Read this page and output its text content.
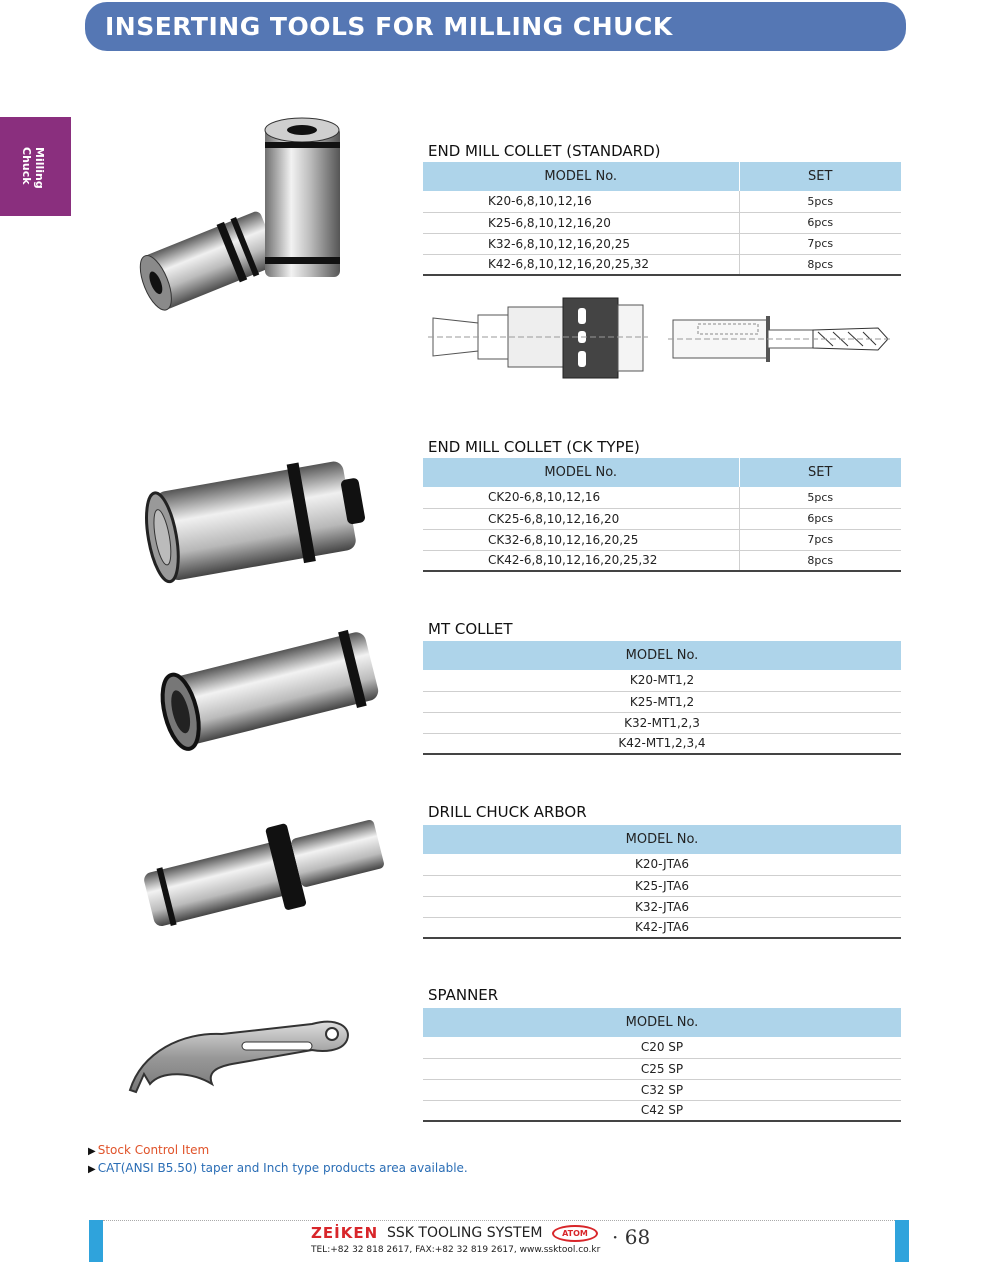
INSERTING TOOLS FOR MILLING CHUCK
Milling
Chuck	END MILL COLLET (STANDARD)
MODEL No.	SET
K20-6,8,10,12,16	5pcs
K25-6,8,10,12,16,20	6pcs
K32-6,8,10,12,16,20,25	7pcs
K42-6,8,10,12,16,20,25,32	8pcs
END MILL COLLET (CK TYPE)
MODEL No.	SET
CK20-6,8,10,12,16	5pcs
CK25-6,8,10,12,16,20	6pcs
CK32-6,8,10,12,16,20,25	7pcs
CK42-6,8,10,12,16,20,25,32	8pcs
MT COLLET
MODEL No.
K20-MT1,2
K25-MT1,2
K32-MT1,2,3
K42-MT1,2,3,4
DRILL CHUCK ARBOR
MODEL No.
K20-JTA6
K25-JTA6
K32-JTA6
K42-JTA6
SPANNER
MODEL No.
C20 SP
C25 SP
C32 SP
C42 SP
▶ Stock Control Item
▶ CAT(ANSI B5.50) taper and Inch type products area available.
ZEİKEN SSK TOOLING SYSTEM	ATOM	· 68
TEL:+82 32 818 2617, FAX:+82 32 819 2617, www.ssktool.co.kr
